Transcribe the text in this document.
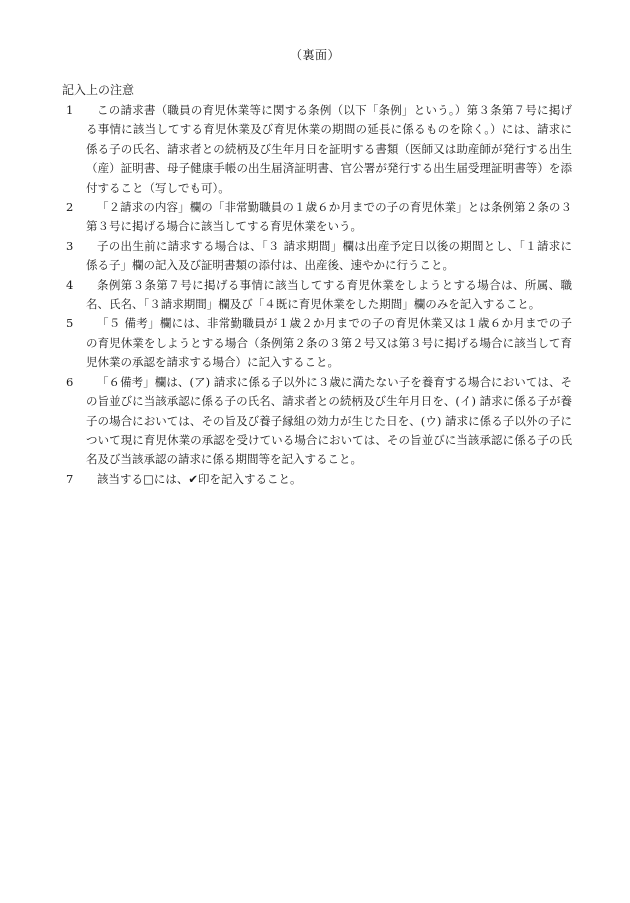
（裏面）
記入上の注意
1	この請求書（職員の育児休業等に関する条例（以下「条例」という。）第３条第７号に掲げる事情に該当してする育児休業及び育児休業の期間の延長に係るものを除く。）には、請求に係る子の氏名、請求者との続柄及び生年月日を証明する書類（医師又は助産師が発行する出生（産）証明書、母子健康手帳の出生届済証明書、官公署が発行する出生届受理証明書等）を添付すること（写しでも可）。
2	「２請求の内容」欄の「非常勤職員の１歳６か月までの子の育児休業」とは条例第２条の３第３号に掲げる場合に該当してする育児休業をいう。
3	子の出生前に請求する場合は、「３ 請求期間」欄は出産予定日以後の期間とし、「１請求に係る子」欄の記入及び証明書類の添付は、出産後、速やかに行うこと。
4	条例第３条第７号に掲げる事情に該当してする育児休業をしようとする場合は、所属、職名、氏名、「３請求期間」欄及び「４既に育児休業をした期間」欄のみを記入すること。
5	「５ 備考」欄には、非常勤職員が１歳２か月までの子の育児休業又は１歳６か月までの子の育児休業をしようとする場合（条例第２条の３第２号又は第３号に掲げる場合に該当して育児休業の承認を請求する場合）に記入すること。
6	「６備考」欄は、(ア) 請求に係る子以外に３歳に満たない子を養育する場合においては、その旨並びに当該承認に係る子の氏名、請求者との続柄及び生年月日を、(イ) 請求に係る子が養子の場合においては、その旨及び養子縁組の効力が生じた日を、(ウ) 請求に係る子以外の子について現に育児休業の承認を受けている場合においては、その旨並びに当該承認に係る子の氏名及び当該承認の請求に係る期間等を記入すること。
7	該当する□には、✔印を記入すること。
